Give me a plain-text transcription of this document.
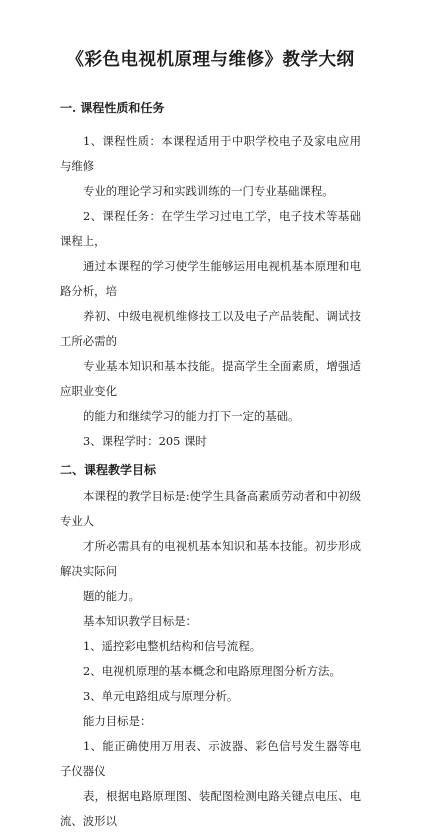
《彩色电视机原理与维修》教学大纲

一. 课程性质和任务

1、课程性质：本课程适用于中职学校电子及家电应用与维修
专业的理论学习和实践训练的一门专业基础课程。

2、课程任务：在学生学习过电工学，电子技术等基础课程上，
通过本课程的学习使学生能够运用电视机基本原理和电路分析，培
养初、中级电视机维修技工以及电子产品装配、调试技工所必需的
专业基本知识和基本技能。提高学生全面素质，增强适应职业变化
的能力和继续学习的能力打下一定的基础。

3、课程学时：205 课时

二、课程教学目标

本课程的教学目标是:使学生具备高素质劳动者和中初级专业人
才所必需具有的电视机基本知识和基本技能。初步形成解决实际问
题的能力。

基本知识教学目标是：

1、遥控彩电整机结构和信号流程。

2、电视机原理的基本概念和电路原理图分析方法。

3、单元电路组成与原理分析。

能力目标是：

1、能正确使用万用表、示波器、彩色信号发生器等电子仪器仪
表，根据电路原理图、装配图检测电路关键点电压、电流、波形以
